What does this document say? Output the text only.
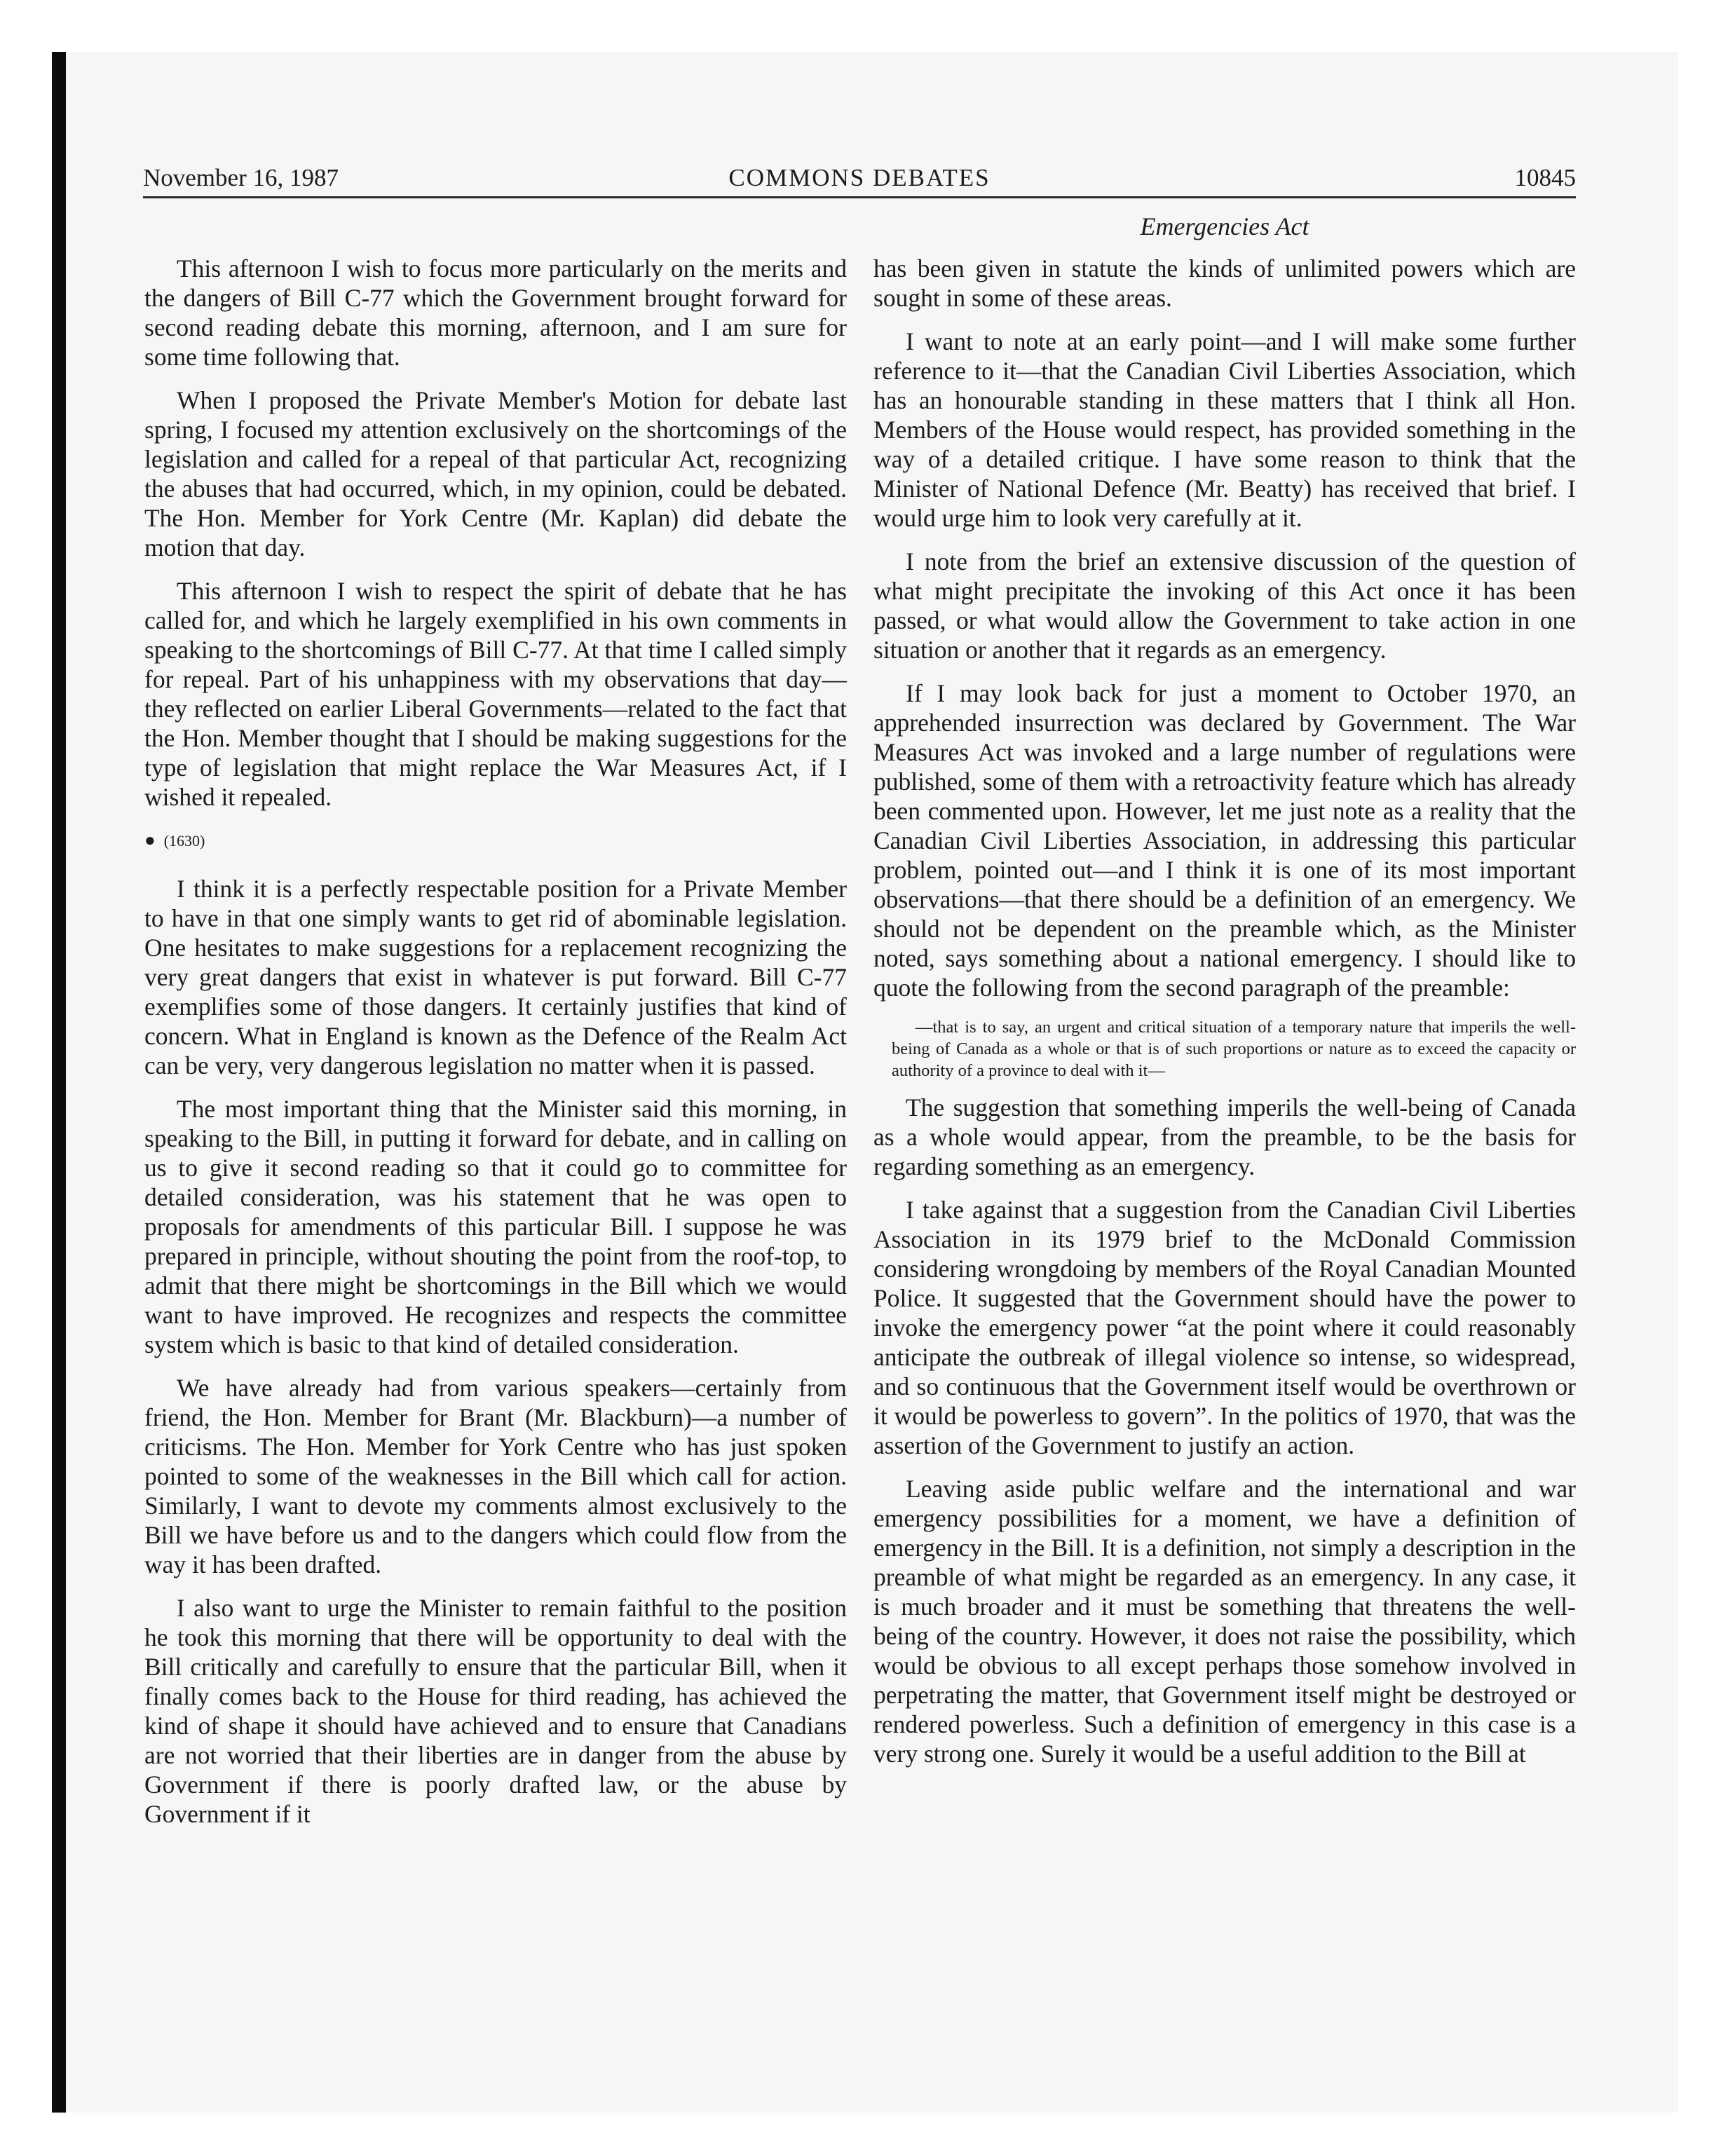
November 16, 1987	COMMONS DEBATES	10845
Emergencies Act

This afternoon I wish to focus more particularly on the merits and the dangers of Bill C-77 which the Government brought forward for second reading debate this morning, afternoon, and I am sure for some time following that.

When I proposed the Private Member's Motion for debate last spring, I focused my attention exclusively on the shortcomings of the legislation and called for a repeal of that particular Act, recognizing the abuses that had occurred, which, in my opinion, could be debated. The Hon. Member for York Centre (Mr. Kaplan) did debate the motion that day.

This afternoon I wish to respect the spirit of debate that he has called for, and which he largely exemplified in his own comments in speaking to the shortcomings of Bill C-77. At that time I called simply for repeal. Part of his unhappiness with my observations that day—they reflected on earlier Liberal Governments—related to the fact that the Hon. Member thought that I should be making suggestions for the type of legislation that might replace the War Measures Act, if I wished it repealed.

● (1630)

I think it is a perfectly respectable position for a Private Member to have in that one simply wants to get rid of abominable legislation. One hesitates to make suggestions for a replacement recognizing the very great dangers that exist in whatever is put forward. Bill C-77 exemplifies some of those dangers. It certainly justifies that kind of concern. What in England is known as the Defence of the Realm Act can be very, very dangerous legislation no matter when it is passed.

The most important thing that the Minister said this morning, in speaking to the Bill, in putting it forward for debate, and in calling on us to give it second reading so that it could go to committee for detailed consideration, was his statement that he was open to proposals for amendments of this particular Bill. I suppose he was prepared in principle, without shouting the point from the roof-top, to admit that there might be shortcomings in the Bill which we would want to have improved. He recognizes and respects the committee system which is basic to that kind of detailed consideration.

We have already had from various speakers—certainly from friend, the Hon. Member for Brant (Mr. Blackburn)—a number of criticisms. The Hon. Member for York Centre who has just spoken pointed to some of the weaknesses in the Bill which call for action. Similarly, I want to devote my comments almost exclusively to the Bill we have before us and to the dangers which could flow from the way it has been drafted.

I also want to urge the Minister to remain faithful to the position he took this morning that there will be opportunity to deal with the Bill critically and carefully to ensure that the particular Bill, when it finally comes back to the House for third reading, has achieved the kind of shape it should have achieved and to ensure that Canadians are not worried that their liberties are in danger from the abuse by Government if there is poorly drafted law, or the abuse by Government if it

has been given in statute the kinds of unlimited powers which are sought in some of these areas.

I want to note at an early point—and I will make some further reference to it—that the Canadian Civil Liberties Association, which has an honourable standing in these matters that I think all Hon. Members of the House would respect, has provided something in the way of a detailed critique. I have some reason to think that the Minister of National Defence (Mr. Beatty) has received that brief. I would urge him to look very carefully at it.

I note from the brief an extensive discussion of the question of what might precipitate the invoking of this Act once it has been passed, or what would allow the Government to take action in one situation or another that it regards as an emergency.

If I may look back for just a moment to October 1970, an apprehended insurrection was declared by Government. The War Measures Act was invoked and a large number of regulations were published, some of them with a retroactivity feature which has already been commented upon. However, let me just note as a reality that the Canadian Civil Liberties Association, in addressing this particular problem, pointed out—and I think it is one of its most important observations—that there should be a definition of an emergency. We should not be dependent on the preamble which, as the Minister noted, says something about a national emergency. I should like to quote the following from the second paragraph of the preamble:

—that is to say, an urgent and critical situation of a temporary nature that imperils the well-being of Canada as a whole or that is of such proportions or nature as to exceed the capacity or authority of a province to deal with it—

The suggestion that something imperils the well-being of Canada as a whole would appear, from the preamble, to be the basis for regarding something as an emergency.

I take against that a suggestion from the Canadian Civil Liberties Association in its 1979 brief to the McDonald Commission considering wrongdoing by members of the Royal Canadian Mounted Police. It suggested that the Government should have the power to invoke the emergency power “at the point where it could reasonably anticipate the outbreak of illegal violence so intense, so widespread, and so continuous that the Government itself would be overthrown or it would be powerless to govern”. In the politics of 1970, that was the assertion of the Government to justify an action.

Leaving aside public welfare and the international and war emergency possibilities for a moment, we have a definition of emergency in the Bill. It is a definition, not simply a description in the preamble of what might be regarded as an emergency. In any case, it is much broader and it must be something that threatens the well-being of the country. However, it does not raise the possibility, which would be obvious to all except perhaps those somehow involved in perpetrating the matter, that Government itself might be destroyed or rendered powerless. Such a definition of emergency in this case is a very strong one. Surely it would be a useful addition to the Bill at
